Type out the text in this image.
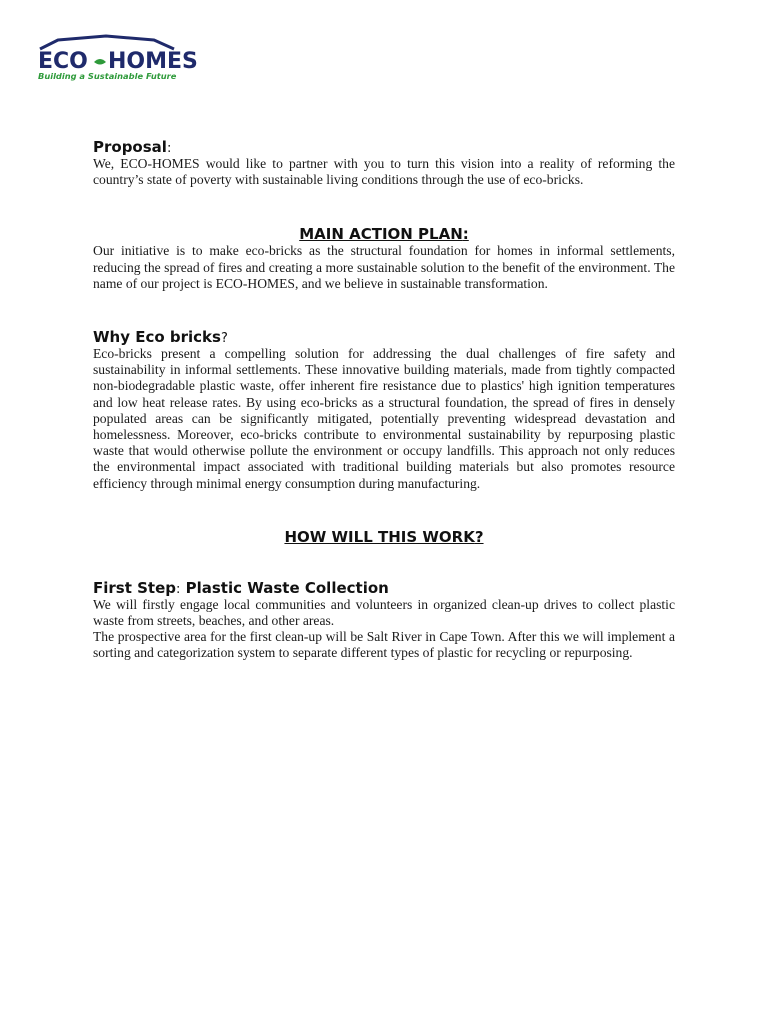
ECO HOMES
Building a Sustainable Future
Proposal:

We, ECO-HOMES would like to partner with you to turn this vision into a reality of reforming the country’s state of poverty with sustainable living conditions through the use of eco-bricks.

MAIN ACTION PLAN:

Our initiative is to make eco-bricks as the structural foundation for homes in informal settlements, reducing the spread of fires and creating a more sustainable solution to the benefit of the environment. The name of our project is ECO-HOMES, and we believe in sustainable transformation.

Why Eco bricks?

Eco-bricks present a compelling solution for addressing the dual challenges of fire safety and sustainability in informal settlements. These innovative building materials, made from tightly compacted non-biodegradable plastic waste, offer inherent fire resistance due to plastics' high ignition temperatures and low heat release rates. By using eco-bricks as a structural foundation, the spread of fires in densely populated areas can be significantly mitigated, potentially preventing widespread devastation and homelessness. Moreover, eco-bricks contribute to environmental sustainability by repurposing plastic waste that would otherwise pollute the environment or occupy landfills. This approach not only reduces the environmental impact associated with traditional building materials but also promotes resource efficiency through minimal energy consumption during manufacturing.

HOW WILL THIS WORK?
First Step: Plastic Waste Collection

We will firstly engage local communities and volunteers in organized clean-up drives to collect plastic waste from streets, beaches, and other areas.

The prospective area for the first clean-up will be Salt River in Cape Town. After this we will implement a sorting and categorization system to separate different types of plastic for recycling or repurposing.
